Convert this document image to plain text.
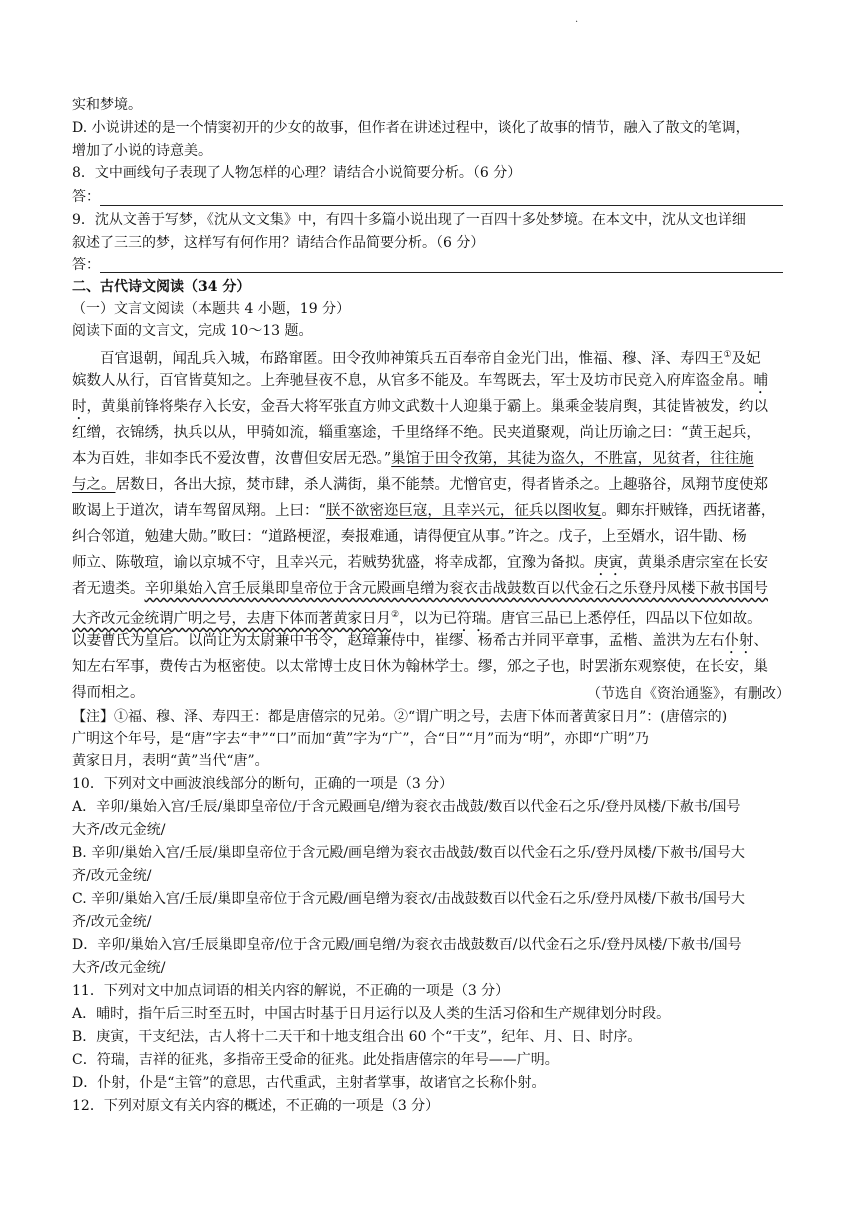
.
实和梦境。
D. 小说讲述的是一个情窦初开的少女的故事，但作者在讲述过程中，谈化了故事的情节，融入了散文的笔调，
增加了小说的诗意美。
8．文中画线句子表现了人物怎样的心理？请结合小说简要分析。（6 分）
答：
9．沈从文善于写梦，《沈从文文集》中，有四十多篇小说出现了一百四十多处梦境。在本文中，沈从文也详细
叙述了三三的梦，这样写有何作用？请结合作品简要分析。（6 分）
答：
二、古代诗文阅读（34 分）
（一）文言文阅读（本题共 4 小题，19 分）
阅读下面的文言文，完成 10～13 题。
百官退朝，闻乱兵入城，布路窜匿。田令孜帅神策兵五百奉帝自金光门出，惟福、穆、泽、寿四王①及妃
嫔数人从行，百官皆莫知之。上奔驰昼夜不息，从官多不能及。车驾既去，军士及坊市民竞入府库盗金帛。晡
时，黄巢前锋将柴存入长安，金吾大将军张直方帅文武数十人迎巢于霸上。巢乘金装肩舆，其徒皆被发，约以
红缯，衣锦绣，执兵以从，甲骑如流，辎重塞途，千里络绎不绝。民夹道聚观，尚让历谕之曰：“黄王起兵，
本为百姓，非如李氏不爱汝曹，汝曹但安居无恐。”巢馆于田令孜第，其徒为盗久，不胜富，见贫者，往往施
与之。居数日，各出大掠，焚市肆，杀人满街，巢不能禁。尤憎官吏，得者皆杀之。上趣骆谷，凤翔节度使郑
畋谒上于道次，请车驾留凤翔。上曰：“朕不欲密迩巨寇，且幸兴元，征兵以图收复。卿东扞贼锋，西抚诸蕃，
纠合邻道，勉建大勋。”畋曰：“道路梗涩，奏报难通，请得便宜从事。”许之。戊子，上至婿水，诏牛勖、杨
师立、陈敬瑄，谕以京城不守，且幸兴元，若贼势犹盛，将幸成都，宜豫为备拟。庚寅，黄巢杀唐宗室在长安
者无遗类。辛卯巢始入宫壬辰巢即皇帝位于含元殿画皂缯为衮衣击战鼓数百以代金石之乐登丹凤楼下赦书国号
大齐改元金统谓广明之号，去唐下体而著黄家日月②，以为已符瑞。唐官三品已上悉停任，四品以下位如故。
以妻曹氏为皇后。以尚让为太尉兼中书令，赵璋兼侍中，崔缪、杨希古并同平章事，孟楷、盖洪为左右仆射、
知左右军事，费传古为枢密使。以太常博士皮日休为翰林学士。缪，邠之子也，时罢浙东观察使，在长安，巢
得而相之。	（节选自《资治通鉴》，有删改）
【注】①福、穆、泽、寿四王：都是唐僖宗的兄弟。②“谓广明之号，去唐下体而著黄家日月”：(唐僖宗的)
广明这个年号，是“唐”字去“肀”“口”而加“黄”字为“广”，合“日”“月”而为“明”，亦即“广明”乃
黄家日月，表明“黄”当代“唐”。
10．下列对文中画波浪线部分的断句，正确的一项是（3 分）
A．辛卯/巢始入宫/壬辰/巢即皇帝位/于含元殿画皂/缯为衮衣击战鼓/数百以代金石之乐/登丹凤楼/下赦书/国号
大齐/改元金统/
B. 辛卯/巢始入宫/壬辰/巢即皇帝位于含元殿/画皂缯为衮衣击战鼓/数百以代金石之乐/登丹凤楼/下赦书/国号大
齐/改元金统/
C. 辛卯/巢始入宫/壬辰/巢即皇帝位于含元殿/画皂缯为衮衣/击战鼓数百以代金石之乐/登丹凤楼/下赦书/国号大
齐/改元金统/
D．辛卯/巢始入宫/壬辰巢即皇帝/位于含元殿/画皂缯/为衮衣击战鼓数百/以代金石之乐/登丹凤楼/下赦书/国号
大齐/改元金统/
11．下列对文中加点词语的相关内容的解说，不正确的一项是（3 分）
A．晡时，指午后三时至五时，中国古时基于日月运行以及人类的生活习俗和生产规律划分时段。
B．庚寅，干支纪法，古人将十二天干和十地支组合出 60 个“干支”，纪年、月、日、时序。
C．符瑞，吉祥的征兆，多指帝王受命的征兆。此处指唐僖宗的年号——广明。
D．仆射，仆是“主管”的意思，古代重武，主射者掌事，故诸官之长称仆射。
12．下列对原文有关内容的概述，不正确的一项是（3 分）
